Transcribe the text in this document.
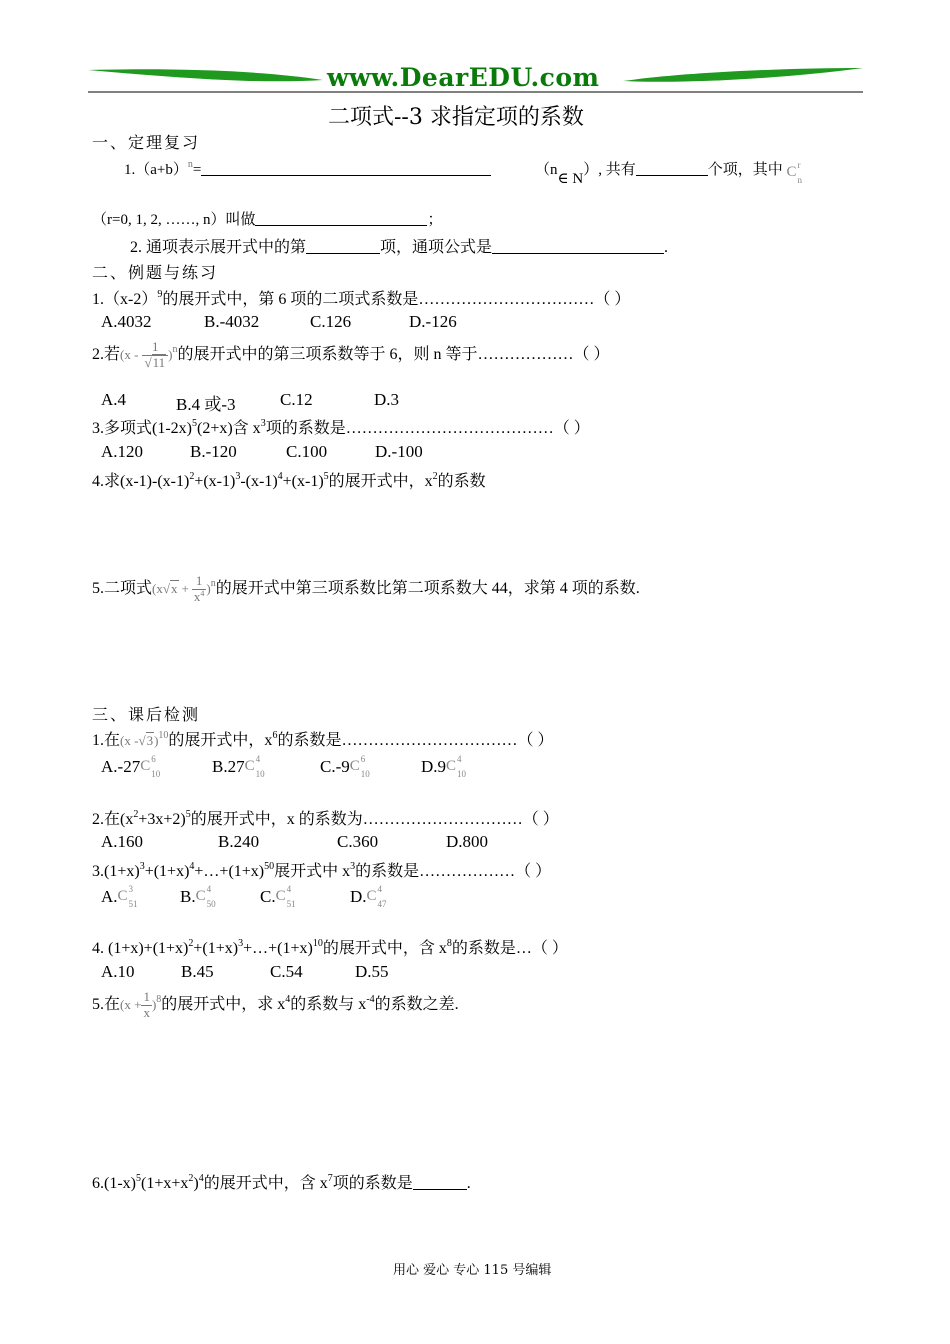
www.DearEDU.com
二项式--3 求指定项的系数
一、定理复习
$1.(a+b)^n=$	（n∈ N）, 共有	个项，其中 C r
n
（r=0, 1, 2, ……, n）叫做	；
2. 通项表示展开式中的第	项，通项公式是	.
二、例题与练习
$1.(x-2)^9$的展开式中，第 6 项的二项式系数是……………………………（ ）
A.4032	B.-4032	C.126	D.-126
2.若$(x - \frac{1}{√11} )^n$的展开式中的第三项系数等于 6，则 n 等于………………（ ）
A.4	B.4 或-3	C.12	D.3
3.多项式$(1-2x)^5(2+x)$含 $x^3$项的系数是…………………………………（ ）
A.120	B.-120	C.100	D.-100
4.求$(x-1)-(x-1)^2+(x-1)^3-(x-1)^4+(x-1)^5$的展开式中，$x^2$的系数
5.二项式$(x√x + \frac{1}{x^4} )^n$的展开式中第三项系数比第二项系数大 44，求第 4 项的系数.
三、课后检测
1.在(x -√3)$^{10}$的展开式中，$x^6$的系数是……………………………（ ）
A.-27 C 6
10	B.27 C 4
10	C.-9 C 6
10	D.9 C 4
10
2.在$(x^2+3x+2)^5$的展开式中，x 的系数为…………………………（ ）
A.160	B.240	C.360	D.800
$3.(1+x)^3+(1+x)^4+\dots+(1+x)^{50}$展开式中 $x^3$的系数是………………（ ）
A. C 3
51 B. C 4
50	C. C 4
51	D. C 4
47
4. $(1+x)+(1+x)^2+(1+x)^3+\dots+(1+x)^{10}$的展开式中，含 $x^8$的系数是…（ ）
A.10	B.45	C.54	D.55
5.在$(x + \frac{1}{x} )^8$的展开式中，求 $x^4$的系数与 $x^{-4}$的系数之差.
$6.(1-x)^5(1+x+x^2)^4$的展开式中，含 $x^7$项的系数是	.
用心 爱心 专心 115 号编辑
